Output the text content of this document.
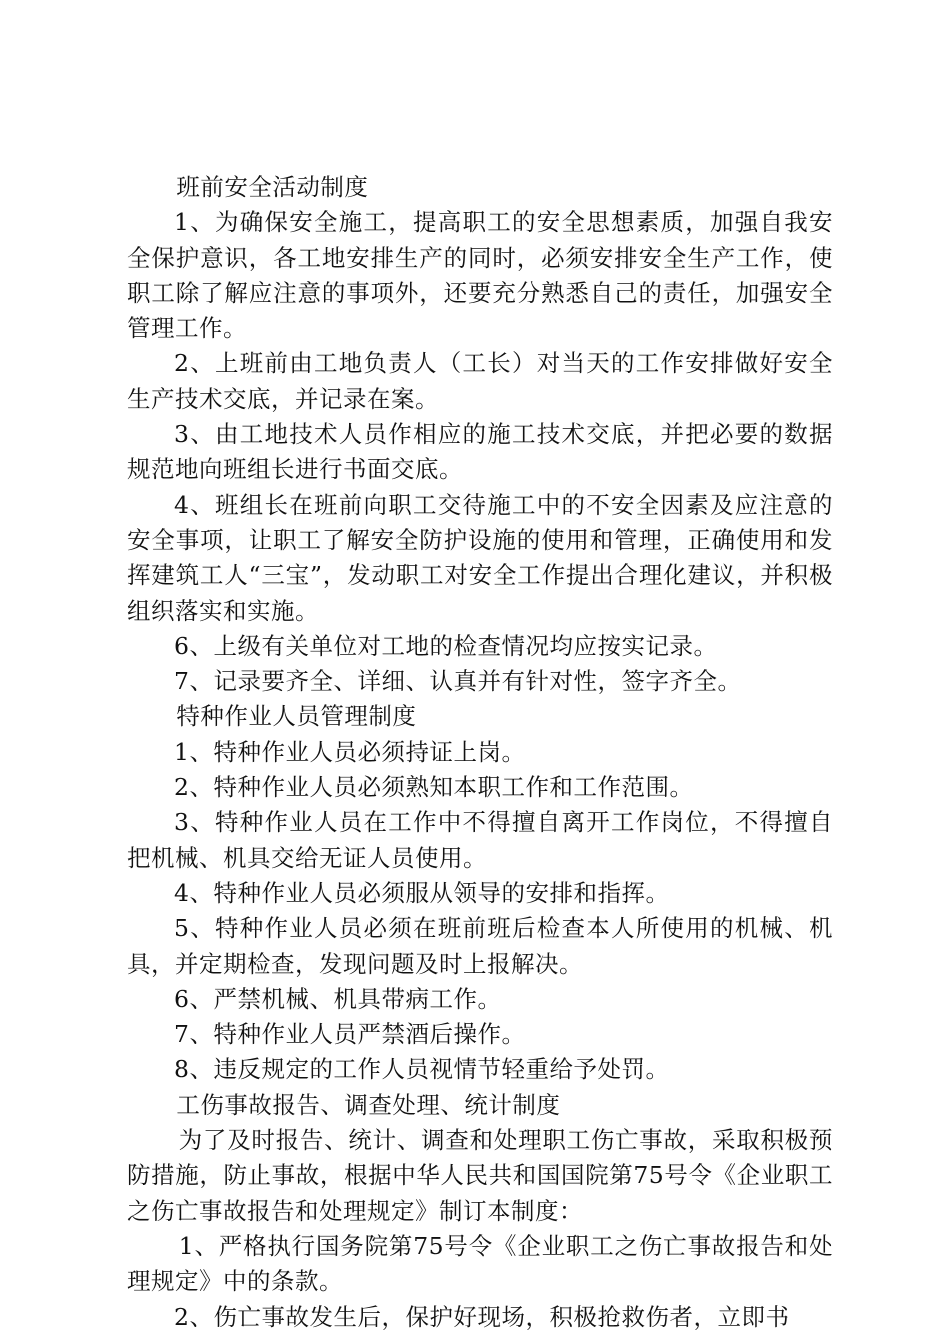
班前安全活动制度

1、为确保安全施工，提高职工的安全思想素质，加强自我安全保护意识，各工地安排生产的同时，必须安排安全生产工作，使职工除了解应注意的事项外，还要充分熟悉自己的责任，加强安全管理工作。

2、上班前由工地负责人（工长）对当天的工作安排做好安全生产技术交底，并记录在案。

3、由工地技术人员作相应的施工技术交底，并把必要的数据规范地向班组长进行书面交底。

4、班组长在班前向职工交待施工中的不安全因素及应注意的安全事项，让职工了解安全防护设施的使用和管理，正确使用和发挥建筑工人“三宝”，发动职工对安全工作提出合理化建议，并积极组织落实和实施。

6、上级有关单位对工地的检查情况均应按实记录。

7、记录要齐全、详细、认真并有针对性，签字齐全。

特种作业人员管理制度

1、特种作业人员必须持证上岗。

2、特种作业人员必须熟知本职工作和工作范围。

3、特种作业人员在工作中不得擅自离开工作岗位，不得擅自把机械、机具交给无证人员使用。

4、特种作业人员必须服从领导的安排和指挥。

5、特种作业人员必须在班前班后检查本人所使用的机械、机具，并定期检查，发现问题及时上报解决。

6、严禁机械、机具带病工作。

7、特种作业人员严禁酒后操作。

8、违反规定的工作人员视情节轻重给予处罚。

工伤事故报告、调查处理、统计制度

为了及时报告、统计、调查和处理职工伤亡事故，采取积极预防措施，防止事故，根据中华人民共和国国院第75号令《企业职工之伤亡事故报告和处理规定》制订本制度：

1、严格执行国务院第75号令《企业职工之伤亡事故报告和处理规定》中的条款。

2、伤亡事故发生后，保护好现场，积极抢救伤者，立即书
